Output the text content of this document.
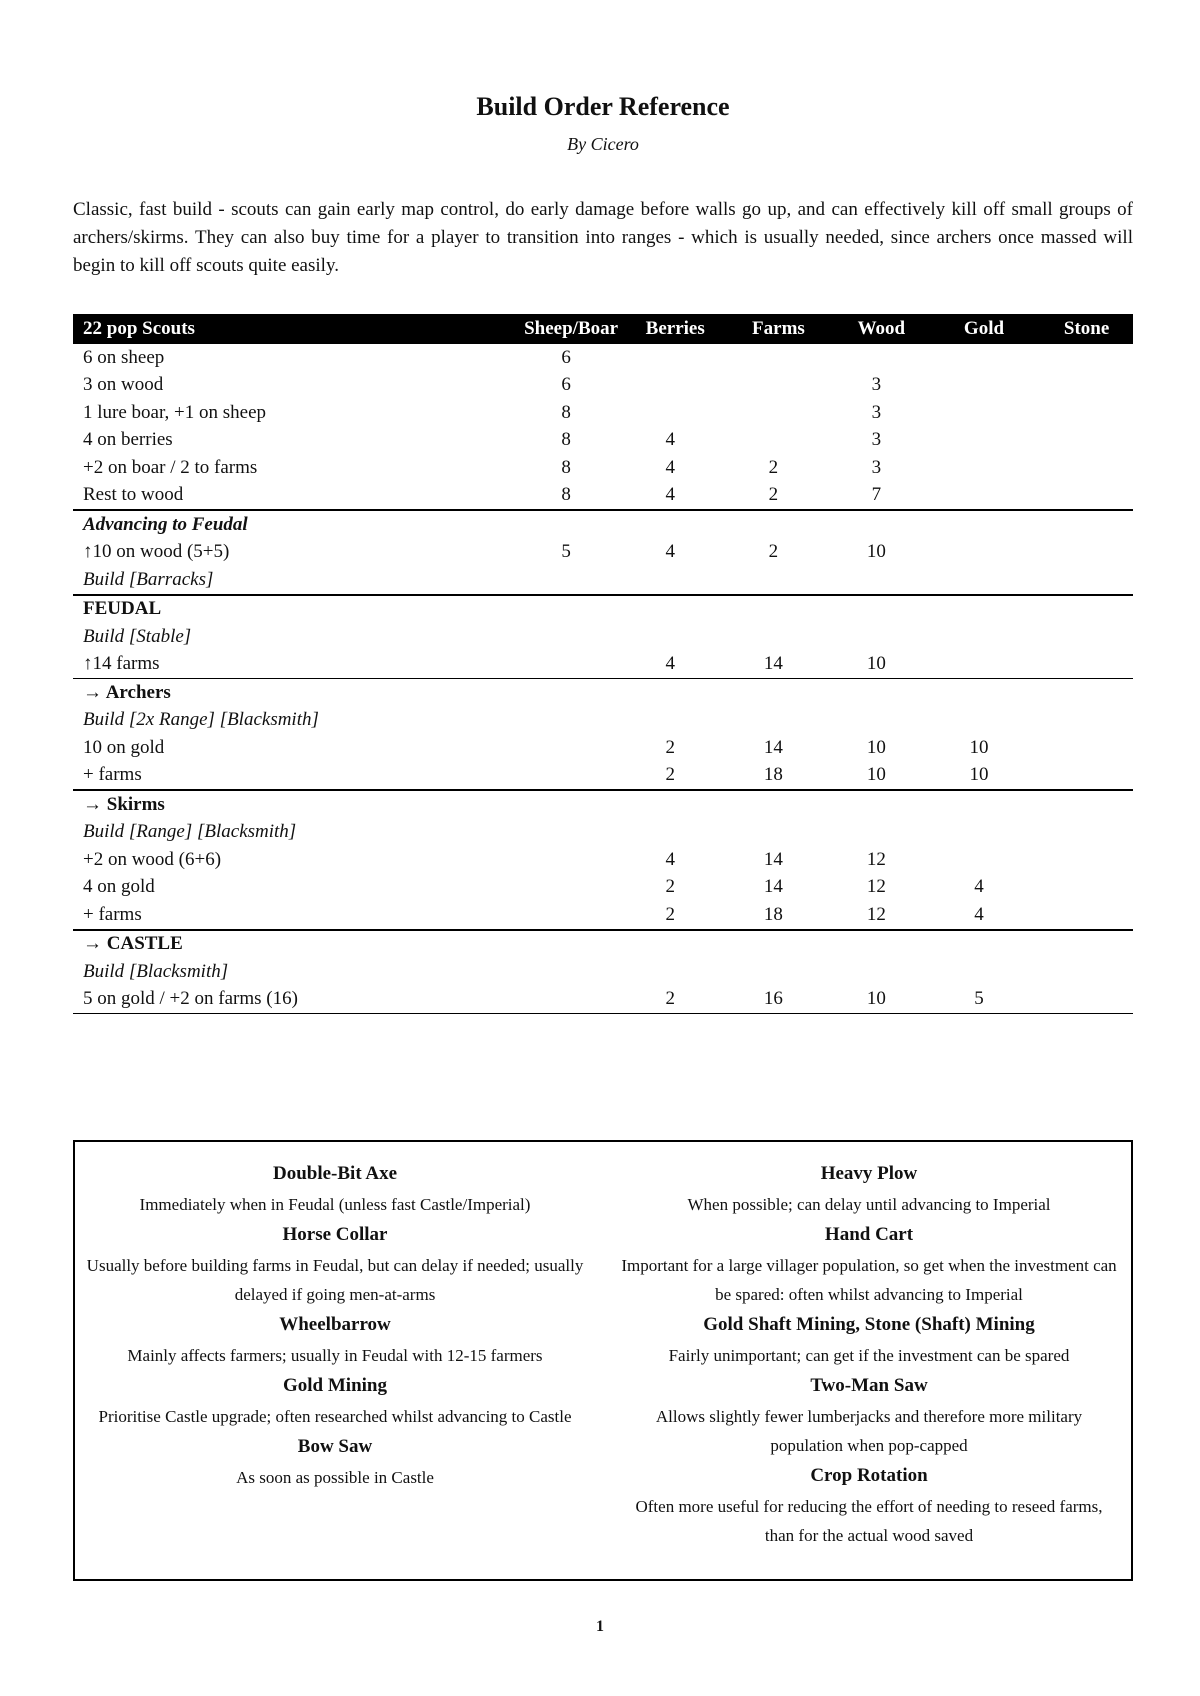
Build Order Reference
By Cicero
Classic, fast build - scouts can gain early map control, do early damage before walls go up, and can effectively kill off small groups of archers/skirms. They can also buy time for a player to transition into ranges - which is usually needed, since archers once massed will begin to kill off scouts quite easily.
22 pop Scouts	Sheep/Boar	Berries	Farms	Wood	Gold	Stone
6 on sheep	6					
3 on wood	6			3		
1 lure boar, +1 on sheep	8			3		
4 on berries	8	4		3		
+2 on boar / 2 to farms	8	4	2	3		
Rest to wood	8	4	2	7		
Advancing to Feudal						
↑10 on wood (5+5)	5	4	2	10		
Build [Barracks]						
FEUDAL						
Build [Stable]						
↑14 farms		4	14	10		
→ Archers						
Build [2x Range] [Blacksmith]						
10 on gold		2	14	10	10	
+ farms		2	18	10	10	
→ Skirms						
Build [Range] [Blacksmith]						
+2 on wood (6+6)		4	14	12		
4 on gold		2	14	12	4	
+ farms		2	18	12	4	
→ CASTLE						
Build [Blacksmith]						
5 on gold / +2 on farms (16)		2	16	10	5	
Double-Bit Axe
Immediately when in Feudal (unless fast Castle/Imperial)
Horse Collar
Usually before building farms in Feudal, but can delay if needed; usually delayed if going men-at-arms
Wheelbarrow
Mainly affects farmers; usually in Feudal with 12-15 farmers
Gold Mining
Prioritise Castle upgrade; often researched whilst advancing to Castle
Bow Saw
As soon as possible in Castle
Heavy Plow
When possible; can delay until advancing to Imperial
Hand Cart
Important for a large villager population, so get when the investment can be spared: often whilst advancing to Imperial
Gold Shaft Mining, Stone (Shaft) Mining
Fairly unimportant; can get if the investment can be spared
Two-Man Saw
Allows slightly fewer lumberjacks and therefore more military population when pop-capped
Crop Rotation
Often more useful for reducing the effort of needing to reseed farms, than for the actual wood saved
1
